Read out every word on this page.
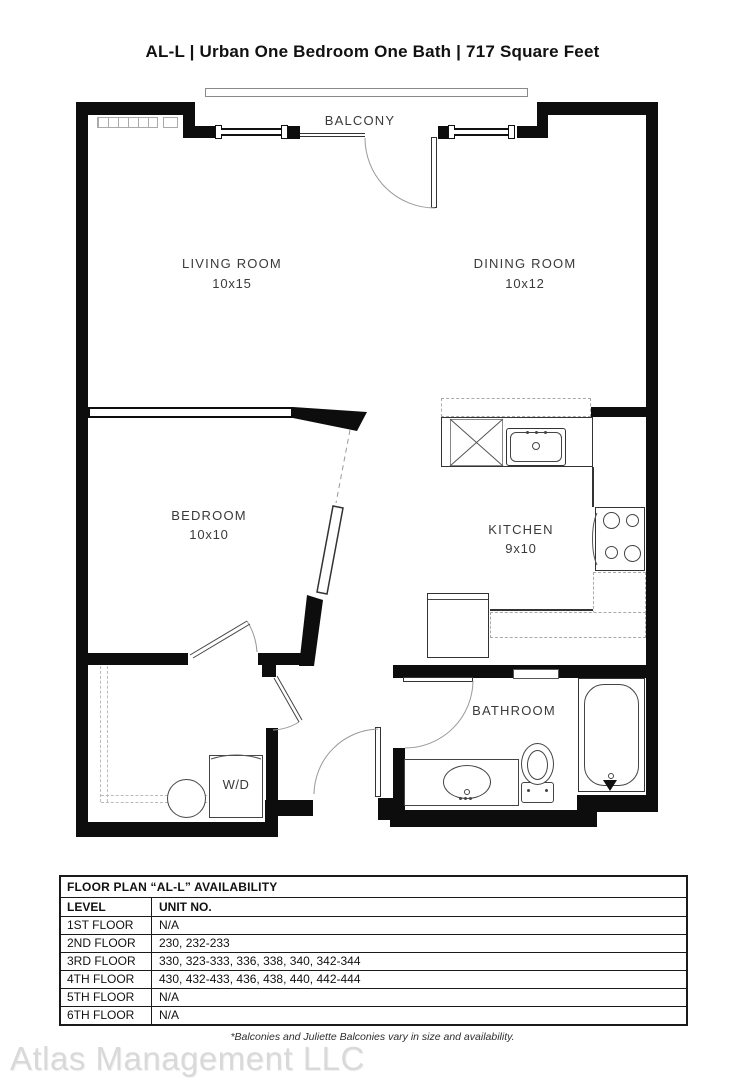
AL-L | Urban One Bedroom One Bath | 717 Square Feet
BALCONY
LIVING ROOM
10x15
DINING ROOM
10x12
BEDROOM
10x10	KITCHEN
9x10
BATHROOM
W/D
FLOOR PLAN “AL-L” AVAILABILITY
LEVEL	UNIT NO.
1ST FLOOR	N/A
2ND FLOOR	230, 232-233
3RD FLOOR	330, 323-333, 336, 338, 340, 342-344
4TH FLOOR	430, 432-433, 436, 438, 440, 442-444
5TH FLOOR	N/A
6TH FLOOR	N/A
Atlas Management LLC
*Balconies and Juliette Balconies vary in size and availability.
